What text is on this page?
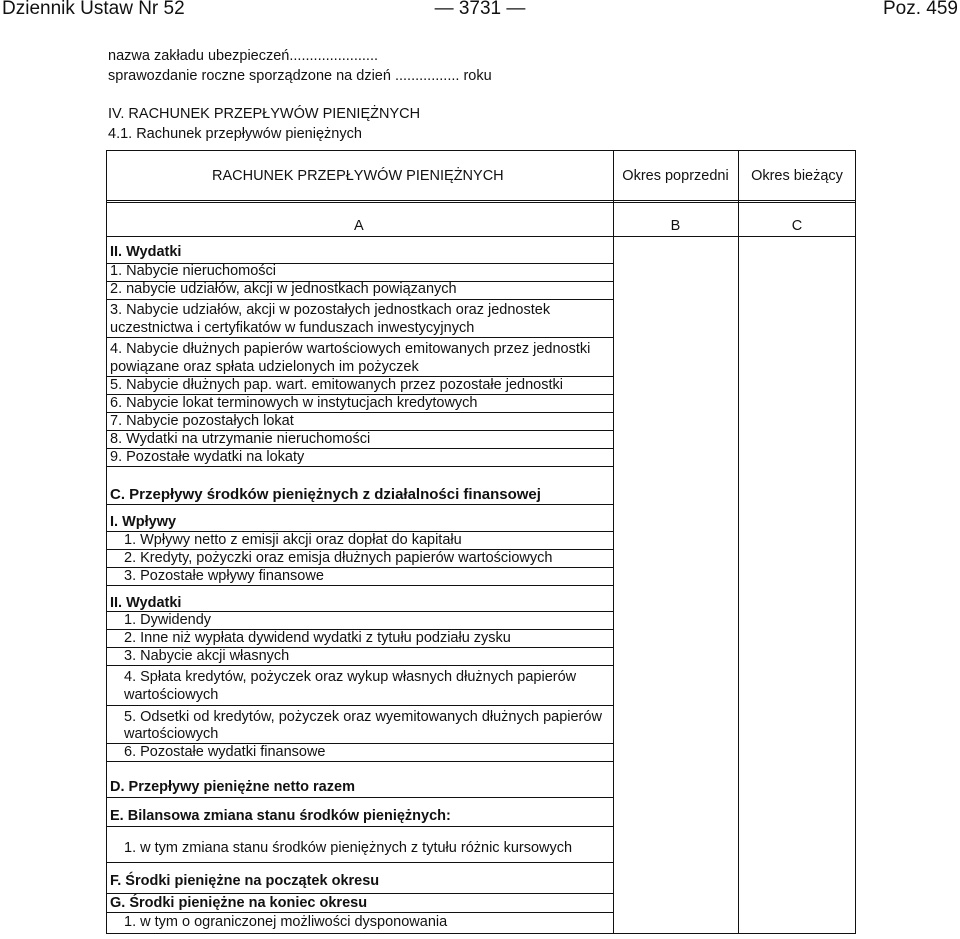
Dziennik Ustaw Nr 52	— 3731 —	Poz. 459
nazwa zakładu ubezpieczeń......................
sprawozdanie roczne sporządzone na dzień ................ roku
IV. RACHUNEK PRZEPŁYWÓW PIENIĘŻNYCH
4.1. Rachunek przepływów pieniężnych
RACHUNEK PRZEPŁYWÓW PIENIĘŻNYCH	Okres poprzedni	Okres bieżący
A	B	C
II. Wydatki
1. Nabycie nieruchomości
2. nabycie udziałów, akcji w jednostkach powiązanych
3. Nabycie udziałów, akcji w pozostałych jednostkach oraz jednostek
uczestnictwa i certyfikatów w funduszach inwestycyjnych
4. Nabycie dłużnych papierów wartościowych emitowanych przez jednostki
powiązane oraz spłata udzielonych im pożyczek
5. Nabycie dłużnych pap. wart. emitowanych przez pozostałe jednostki
6. Nabycie lokat terminowych w instytucjach kredytowych
7. Nabycie pozostałych lokat
8. Wydatki na utrzymanie nieruchomości
9. Pozostałe wydatki na lokaty
C. Przepływy środków pieniężnych z działalności finansowej
I. Wpływy
1. Wpływy netto z emisji akcji oraz dopłat do kapitału
2. Kredyty, pożyczki oraz emisja dłużnych papierów wartościowych
3. Pozostałe wpływy finansowe
II. Wydatki
1. Dywidendy
2. Inne niż wypłata dywidend wydatki z tytułu podziału zysku
3. Nabycie akcji własnych
4. Spłata kredytów, pożyczek oraz wykup własnych dłużnych papierów
wartościowych
5. Odsetki od kredytów, pożyczek oraz wyemitowanych dłużnych papierów
wartościowych
6. Pozostałe wydatki finansowe
D. Przepływy pieniężne netto razem
E. Bilansowa zmiana stanu środków pieniężnych:
1. w tym zmiana stanu środków pieniężnych z tytułu różnic kursowych
F. Środki pieniężne na początek okresu
G. Środki pieniężne na koniec okresu
1. w tym o ograniczonej możliwości dysponowania
